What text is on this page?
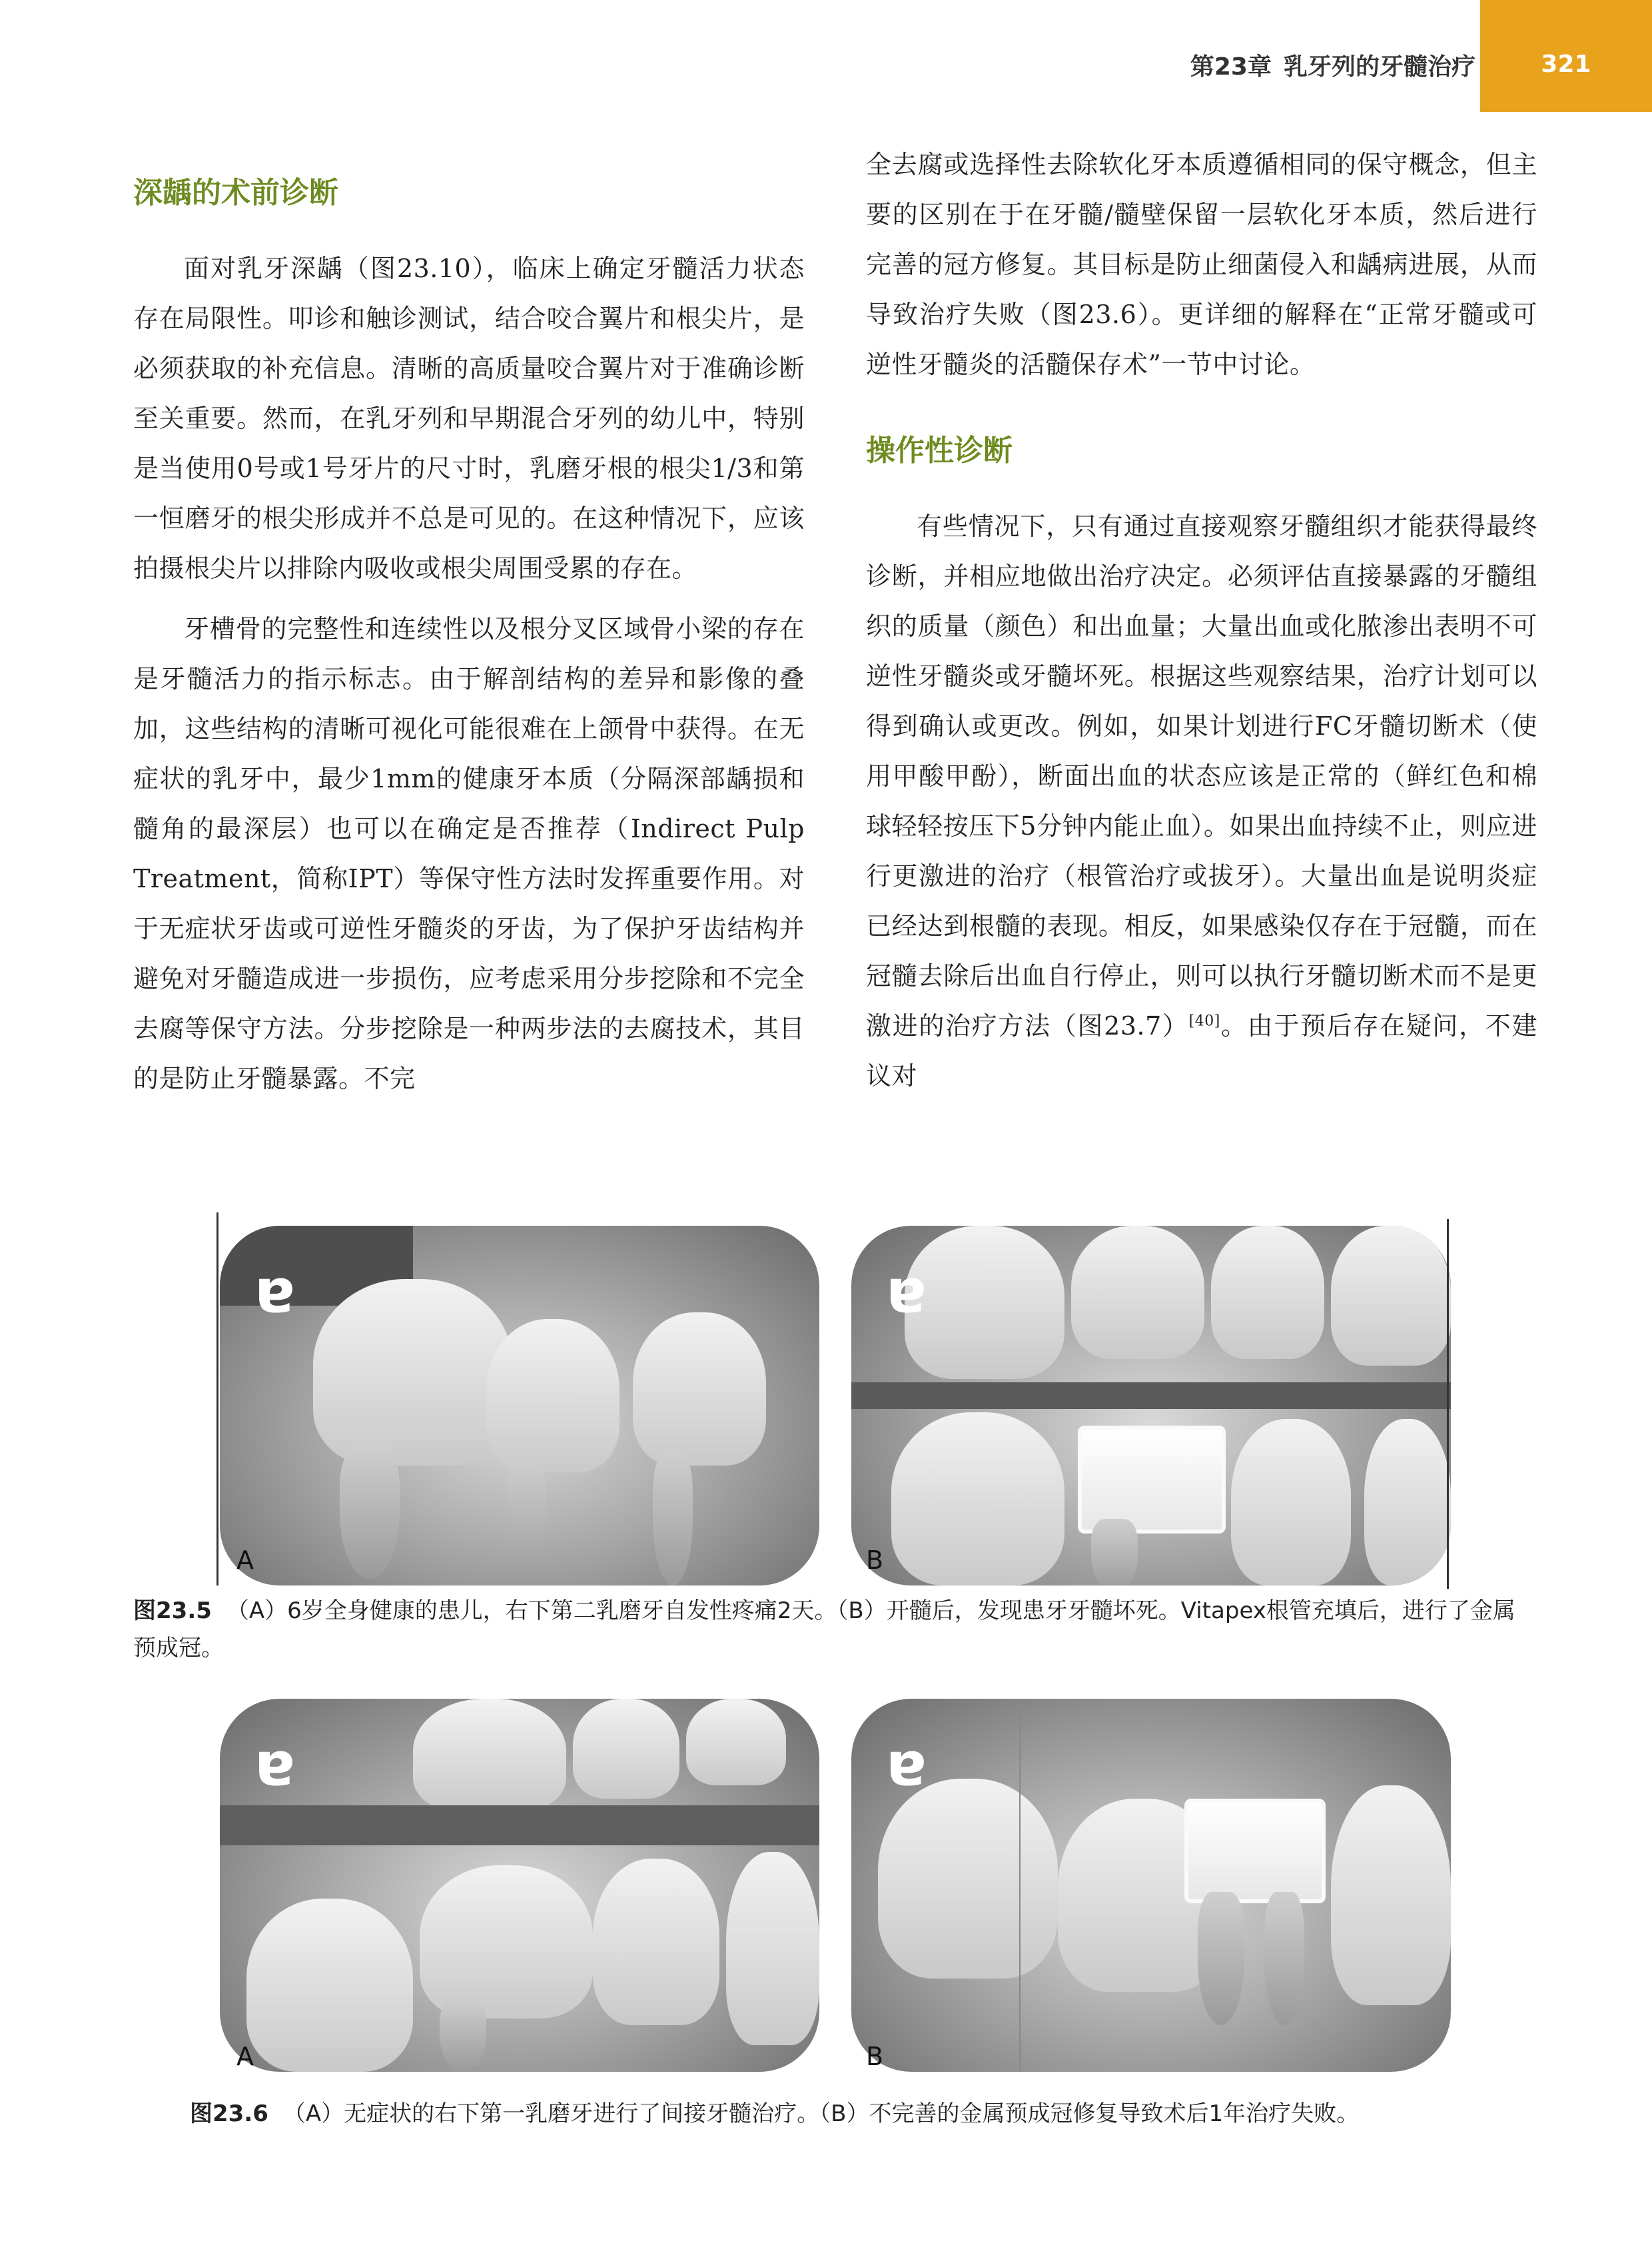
第23章 乳牙列的牙髓治疗	321
深龋的术前诊断

面对乳牙深龋（图23.10），临床上确定牙髓活力状态存在局限性。叩诊和触诊测试，结合咬合翼片和根尖片，是必须获取的补充信息。清晰的高质量咬合翼片对于准确诊断至关重要。然而，在乳牙列和早期混合牙列的幼儿中，特别是当使用0号或1号牙片的尺寸时，乳磨牙根的根尖1/3和第一恒磨牙的根尖形成并不总是可见的。在这种情况下，应该拍摄根尖片以排除内吸收或根尖周围受累的存在。

牙槽骨的完整性和连续性以及根分叉区域骨小梁的存在是牙髓活力的指示标志。由于解剖结构的差异和影像的叠加，这些结构的清晰可视化可能很难在上颌骨中获得。在无症状的乳牙中，最少1mm的健康牙本质（分隔深部龋损和髓角的最深层）也可以在确定是否推荐（Indirect Pulp Treatment，简称IPT）等保守性方法时发挥重要作用。对于无症状牙齿或可逆性牙髓炎的牙齿，为了保护牙齿结构并避免对牙髓造成进一步损伤，应考虑采用分步挖除和不完全去腐等保守方法。分步挖除是一种两步法的去腐技术，其目的是防止牙髓暴露。不完

全去腐或选择性去除软化牙本质遵循相同的保守概念，但主要的区别在于在牙髓/髓壁保留一层软化牙本质，然后进行完善的冠方修复。其目标是防止细菌侵入和龋病进展，从而导致治疗失败（图23.6）。更详细的解释在“正常牙髓或可逆性牙髓炎的活髓保存术”一节中讨论。

操作性诊断

有些情况下，只有通过直接观察牙髓组织才能获得最终诊断，并相应地做出治疗决定。必须评估直接暴露的牙髓组织的质量（颜色）和出血量；大量出血或化脓渗出表明不可逆性牙髓炎或牙髓坏死。根据这些观察结果，治疗计划可以得到确认或更改。例如，如果计划进行FC牙髓切断术（使用甲酸甲酚），断面出血的状态应该是正常的（鲜红色和棉球轻轻按压下5分钟内能止血）。如果出血持续不止，则应进行更激进的治疗（根管治疗或拔牙）。大量出血是说明炎症已经达到根髓的表现。相反，如果感染仅存在于冠髓，而在冠髓去除后出血自行停止，则可以执行牙髓切断术而不是更激进的治疗方法（图23.7）[40]。由于预后存在疑问，不建议对

a
A
a
B
图23.5 （A）6岁全身健康的患儿，右下第二乳磨牙自发性疼痛2天。（B）开髓后，发现患牙牙髓坏死。Vitapex根管充填后，进行了金属预成冠。
a
A
a
B
图23.6 （A）无症状的右下第一乳磨牙进行了间接牙髓治疗。（B）不完善的金属预成冠修复导致术后1年治疗失败。
